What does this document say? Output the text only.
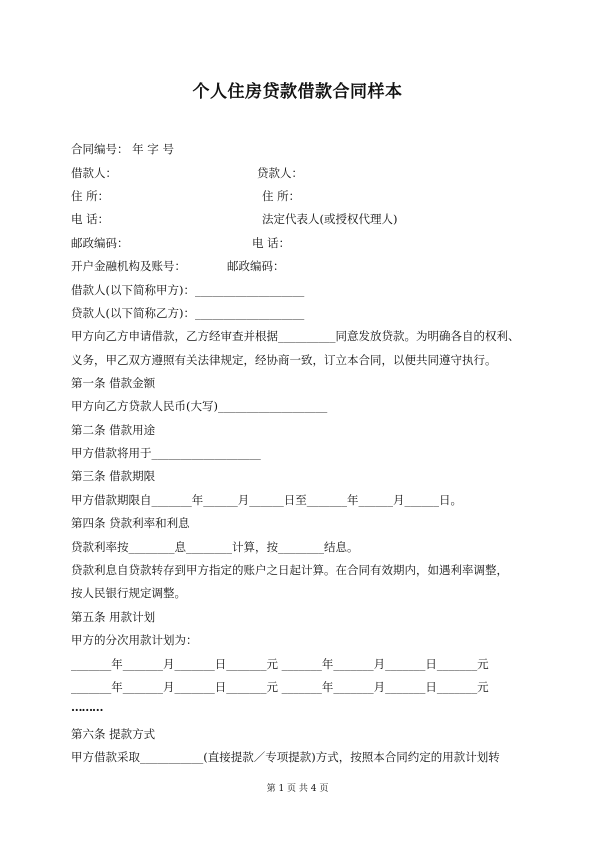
个人住房贷款借款合同样本
合同编号： 年 字 号
借款人：	贷款人：
住 所：	住 所：
电 话：	法定代表人(或授权代理人)
邮政编码：	电 话：
开户金融机构及账号：	邮政编码：
借款人(以下简称甲方)：___________________
贷款人(以下简称乙方)：___________________
甲方向乙方申请借款，乙方经审查并根据__________同意发放贷款。为明确各自的权利、
义务，甲乙双方遵照有关法律规定，经协商一致，订立本合同，以便共同遵守执行。
第一条 借款金额
甲方向乙方贷款人民币(大写)___________________
第二条 借款用途
甲方借款将用于___________________
第三条 借款期限
甲方借款期限自_______年______月______日至_______年______月______日。
第四条 贷款利率和利息
贷款利率按________息________计算，按________结息。
贷款利息自贷款转存到甲方指定的账户之日起计算。在合同有效期内，如遇利率调整，
按人民银行规定调整。
第五条 用款计划
甲方的分次用款计划为：
_______年_______月_______日_______元 _______年_______月_______日_______元
_______年_______月_______日_______元 _______年_______月_______日_______元
………
第六条 提款方式
甲方借款采取___________(直接提款／专项提款)方式，按照本合同约定的用款计划转
第 1 页 共 4 页
